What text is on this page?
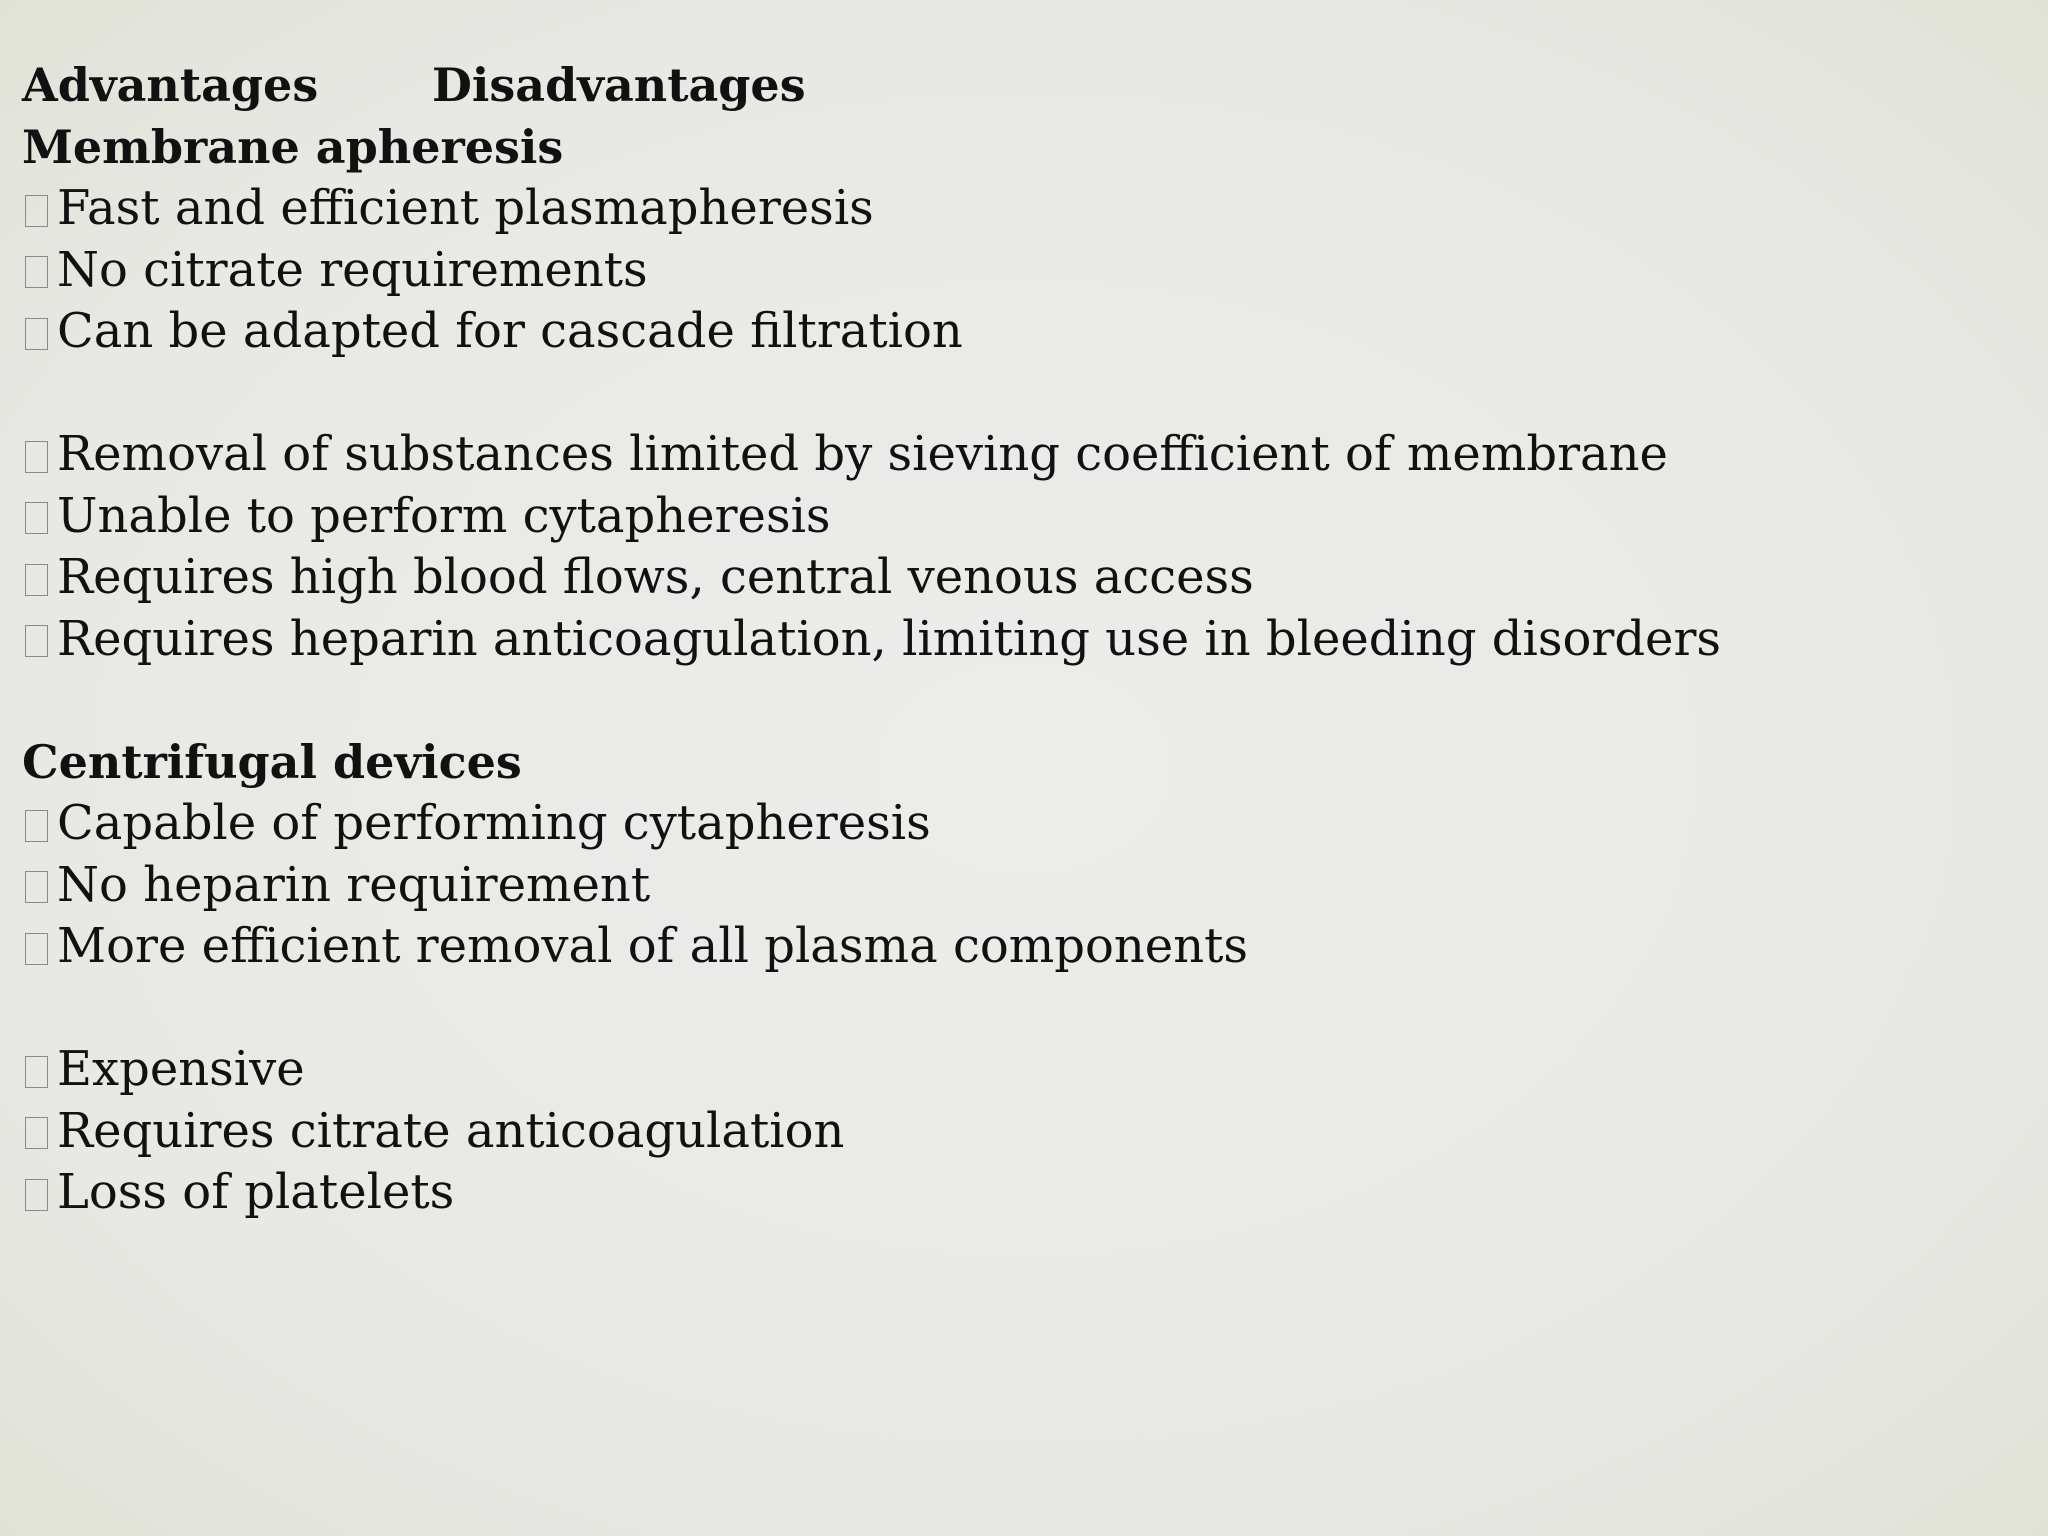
Advantages	Disadvantages
Membrane apheresis
Fast and efficient plasmapheresis
No citrate requirements
Can be adapted for cascade filtration
Removal of substances limited by sieving coefficient of membrane
Unable to perform cytapheresis
Requires high blood flows, central venous access
Requires heparin anticoagulation, limiting use in bleeding disorders
Centrifugal devices
Capable of performing cytapheresis
No heparin requirement
More efficient removal of all plasma components
Expensive
Requires citrate anticoagulation
Loss of platelets
